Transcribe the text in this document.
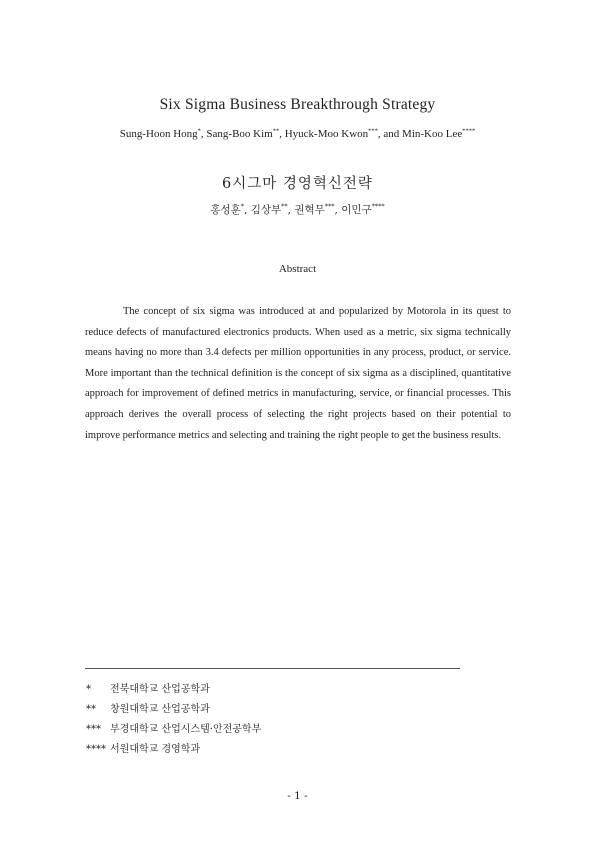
Six Sigma Business Breakthrough Strategy
Sung-Hoon Hong*, Sang-Boo Kim**, Hyuck-Moo Kwon***, and Min-Koo Lee****
6시그마 경영혁신전략
홍성훈*, 김상부**, 권혁무***, 이민구****
Abstract

The concept of six sigma was introduced at and popularized by Motorola in its quest to reduce defects of manufactured electronics products. When used as a metric, six sigma technically means having no more than 3.4 defects per million opportunities in any process, product, or service. More important than the technical definition is the concept of six sigma as a disciplined, quantitative approach for improvement of defined metrics in manufacturing, service, or financial processes. This approach derives the overall process of selecting the right projects based on their potential to improve performance metrics and selecting and training the right people to get the business results.

* 전북대학교 산업공학과
** 창원대학교 산업공학과
*** 부경대학교 산업시스템·안전공학부
**** 서원대학교 경영학과
- 1 -
